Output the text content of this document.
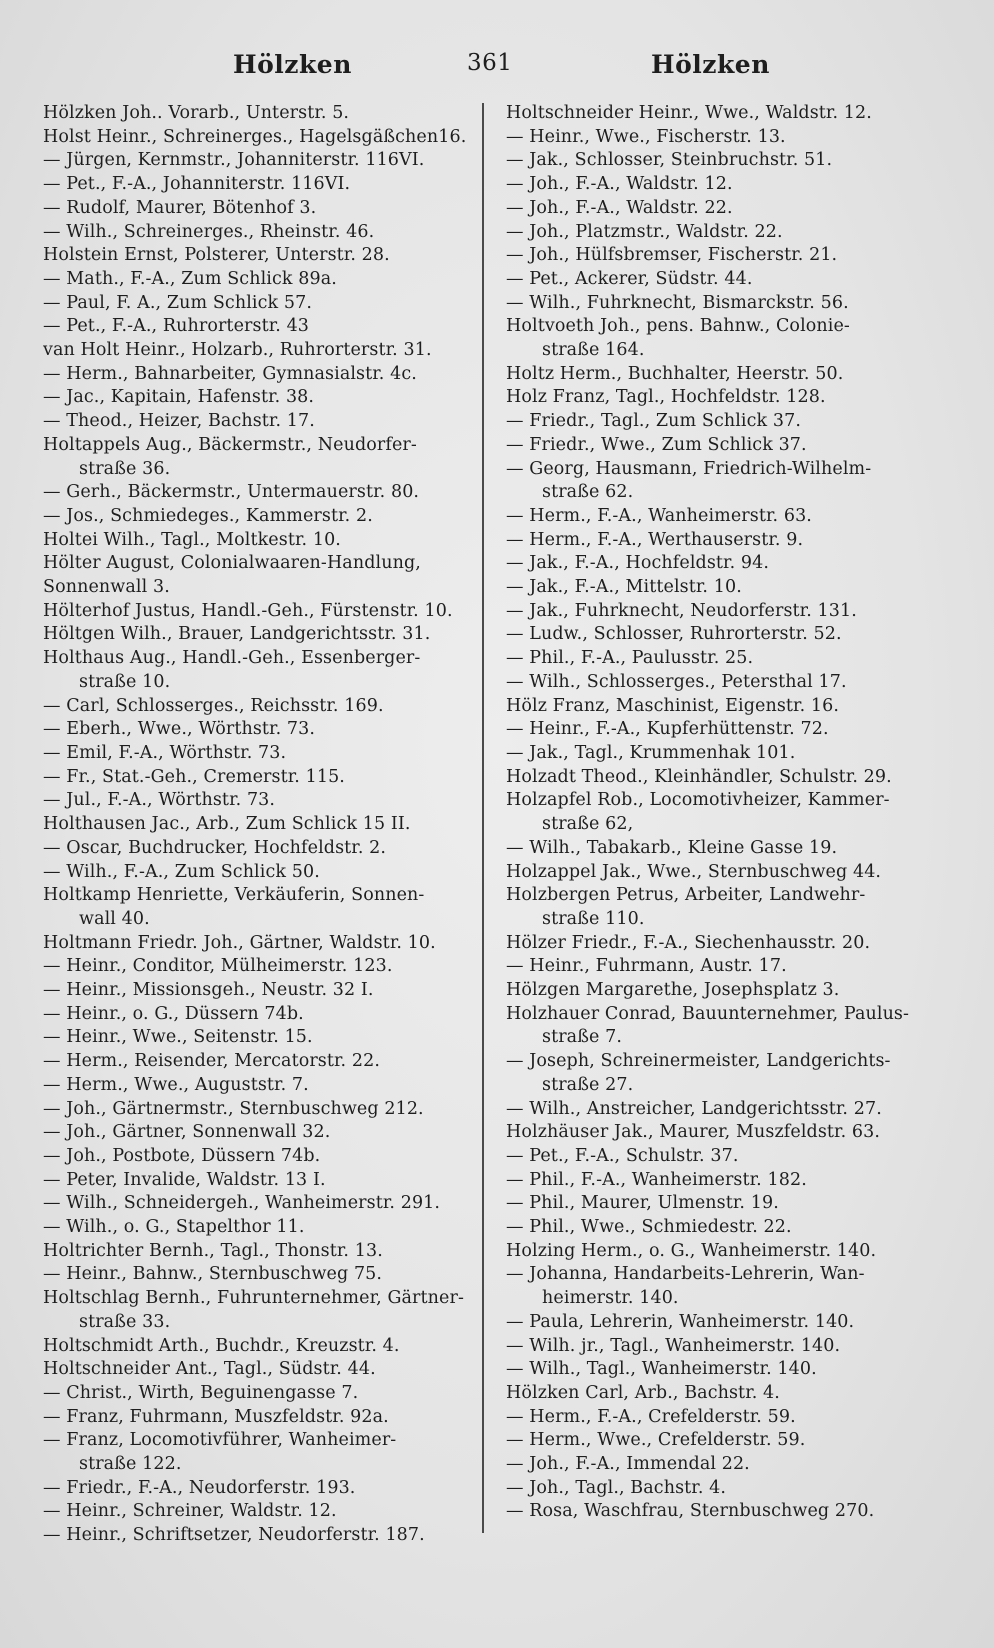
Hölzken	361	Hölzken
Hölzken Joh.. Vorarb., Unterstr. 5.
Holst Heinr., Schreinerges., Hagelsgäßchen16.
— Jürgen, Kernmstr., Johanniterstr. 116VI.
— Pet., F.-A., Johanniterstr. 116VI.
— Rudolf, Maurer, Bötenhof 3.
— Wilh., Schreinerges., Rheinstr. 46.
Holstein Ernst, Polsterer, Unterstr. 28.
— Math., F.-A., Zum Schlick 89a.
— Paul, F. A., Zum Schlick 57.
— Pet., F.-A., Ruhrorterstr. 43
van Holt Heinr., Holzarb., Ruhrorterstr. 31.
— Herm., Bahnarbeiter, Gymnasialstr. 4c.
— Jac., Kapitain, Hafenstr. 38.
— Theod., Heizer, Bachstr. 17.
Holtappels Aug., Bäckermstr., Neudorfer-
straße 36.
— Gerh., Bäckermstr., Untermauerstr. 80.
— Jos., Schmiedeges., Kammerstr. 2.
Holtei Wilh., Tagl., Moltkestr. 10.
Hölter August, Colonialwaaren-Handlung,
Sonnenwall 3.
Hölterhof Justus, Handl.-Geh., Fürstenstr. 10.
Höltgen Wilh., Brauer, Landgerichtsstr. 31.
Holthaus Aug., Handl.-Geh., Essenberger-
straße 10.
— Carl, Schlosserges., Reichsstr. 169.
— Eberh., Wwe., Wörthstr. 73.
— Emil, F.-A., Wörthstr. 73.
— Fr., Stat.-Geh., Cremerstr. 115.
— Jul., F.-A., Wörthstr. 73.
Holthausen Jac., Arb., Zum Schlick 15 II.
— Oscar, Buchdrucker, Hochfeldstr. 2.
— Wilh., F.-A., Zum Schlick 50.
Holtkamp Henriette, Verkäuferin, Sonnen-
wall 40.
Holtmann Friedr. Joh., Gärtner, Waldstr. 10.
— Heinr., Conditor, Mülheimerstr. 123.
— Heinr., Missionsgeh., Neustr. 32 I.
— Heinr., o. G., Düssern 74b.
— Heinr., Wwe., Seitenstr. 15.
— Herm., Reisender, Mercatorstr. 22.
— Herm., Wwe., Auguststr. 7.
— Joh., Gärtnermstr., Sternbuschweg 212.
— Joh., Gärtner, Sonnenwall 32.
— Joh., Postbote, Düssern 74b.
— Peter, Invalide, Waldstr. 13 I.
— Wilh., Schneidergeh., Wanheimerstr. 291.
— Wilh., o. G., Stapelthor 11.
Holtrichter Bernh., Tagl., Thonstr. 13.
— Heinr., Bahnw., Sternbuschweg 75.
Holtschlag Bernh., Fuhrunternehmer, Gärtner-
straße 33.
Holtschmidt Arth., Buchdr., Kreuzstr. 4.
Holtschneider Ant., Tagl., Südstr. 44.
— Christ., Wirth, Beguinengasse 7.
— Franz, Fuhrmann, Muszfeldstr. 92a.
— Franz, Locomotivführer, Wanheimer-
straße 122.
— Friedr., F.-A., Neudorferstr. 193.
— Heinr., Schreiner, Waldstr. 12.
— Heinr., Schriftsetzer, Neudorferstr. 187.
Holtschneider Heinr., Wwe., Waldstr. 12.
— Heinr., Wwe., Fischerstr. 13.
— Jak., Schlosser, Steinbruchstr. 51.
— Joh., F.-A., Waldstr. 12.
— Joh., F.-A., Waldstr. 22.
— Joh., Platzmstr., Waldstr. 22.
— Joh., Hülfsbremser, Fischerstr. 21.
— Pet., Ackerer, Südstr. 44.
— Wilh., Fuhrknecht, Bismarckstr. 56.
Holtvoeth Joh., pens. Bahnw., Colonie-
straße 164.
Holtz Herm., Buchhalter, Heerstr. 50.
Holz Franz, Tagl., Hochfeldstr. 128.
— Friedr., Tagl., Zum Schlick 37.
— Friedr., Wwe., Zum Schlick 37.
— Georg, Hausmann, Friedrich-Wilhelm-
straße 62.
— Herm., F.-A., Wanheimerstr. 63.
— Herm., F.-A., Werthauserstr. 9.
— Jak., F.-A., Hochfeldstr. 94.
— Jak., F.-A., Mittelstr. 10.
— Jak., Fuhrknecht, Neudorferstr. 131.
— Ludw., Schlosser, Ruhrorterstr. 52.
— Phil., F.-A., Paulusstr. 25.
— Wilh., Schlosserges., Petersthal 17.
Hölz Franz, Maschinist, Eigenstr. 16.
— Heinr., F.-A., Kupferhüttenstr. 72.
— Jak., Tagl., Krummenhak 101.
Holzadt Theod., Kleinhändler, Schulstr. 29.
Holzapfel Rob., Locomotivheizer, Kammer-
straße 62,
— Wilh., Tabakarb., Kleine Gasse 19.
Holzappel Jak., Wwe., Sternbuschweg 44.
Holzbergen Petrus, Arbeiter, Landwehr-
straße 110.
Hölzer Friedr., F.-A., Siechenhausstr. 20.
— Heinr., Fuhrmann, Austr. 17.
Hölzgen Margarethe, Josephsplatz 3.
Holzhauer Conrad, Bauunternehmer, Paulus-
straße 7.
— Joseph, Schreinermeister, Landgerichts-
straße 27.
— Wilh., Anstreicher, Landgerichtsstr. 27.
Holzhäuser Jak., Maurer, Muszfeldstr. 63.
— Pet., F.-A., Schulstr. 37.
— Phil., F.-A., Wanheimerstr. 182.
— Phil., Maurer, Ulmenstr. 19.
— Phil., Wwe., Schmiedestr. 22.
Holzing Herm., o. G., Wanheimerstr. 140.
— Johanna, Handarbeits-Lehrerin, Wan-
heimerstr. 140.
— Paula, Lehrerin, Wanheimerstr. 140.
— Wilh. jr., Tagl., Wanheimerstr. 140.
— Wilh., Tagl., Wanheimerstr. 140.
Hölzken Carl, Arb., Bachstr. 4.
— Herm., F.-A., Crefelderstr. 59.
— Herm., Wwe., Crefelderstr. 59.
— Joh., F.-A., Immendal 22.
— Joh., Tagl., Bachstr. 4.
— Rosa, Waschfrau, Sternbuschweg 270.
